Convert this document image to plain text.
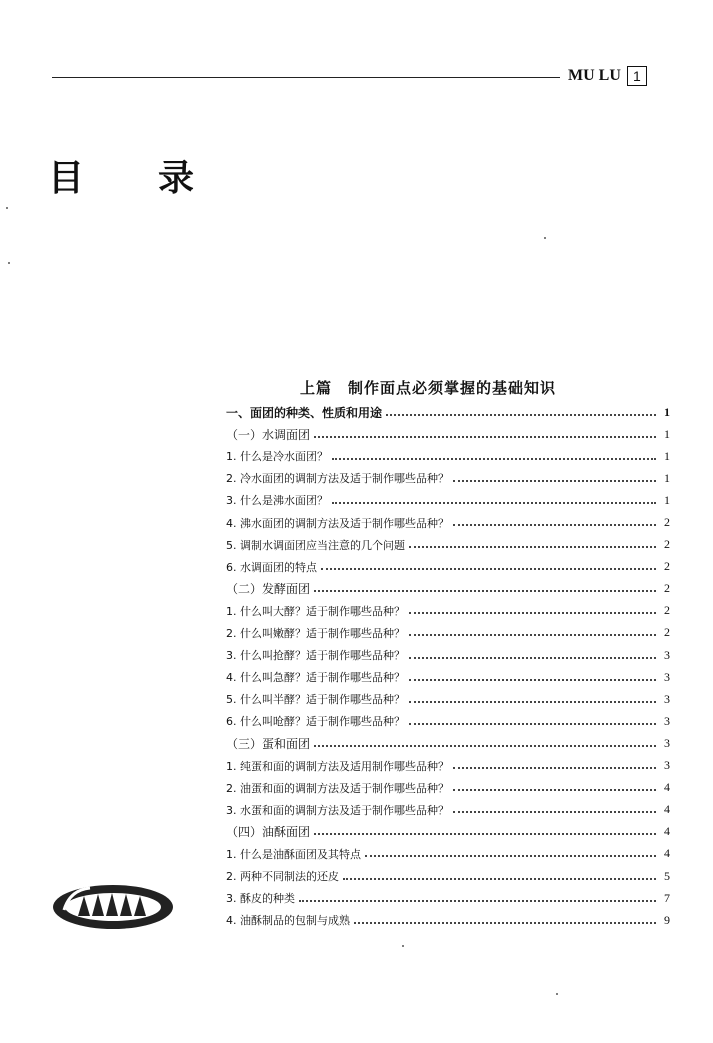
MU LU 1
目 录
上篇　制作面点必须掌握的基础知识
一、面团的种类、性质和用途	1
（一）水调面团	1
1. 什么是冷水面团？	1
2. 冷水面团的调制方法及适于制作哪些品种？	1
3. 什么是沸水面团？	1
4. 沸水面团的调制方法及适于制作哪些品种？	2
5. 调制水调面团应当注意的几个问题	2
6. 水调面团的特点	2
（二）发酵面团	2
1. 什么叫大酵？适于制作哪些品种？	2
2. 什么叫嫩酵？适于制作哪些品种？	2
3. 什么叫抢酵？适于制作哪些品种？	3
4. 什么叫急酵？适于制作哪些品种？	3
5. 什么叫半酵？适于制作哪些品种？	3
6. 什么叫呛酵？适于制作哪些品种？	3
（三）蛋和面团	3
1. 纯蛋和面的调制方法及适用制作哪些品种？	3
2. 油蛋和面的调制方法及适于制作哪些品种？	4
3. 水蛋和面的调制方法及适于制作哪些品种？	4
（四）油酥面团	4
1. 什么是油酥面团及其特点	4
2. 两种不同制法的还皮	5
3. 酥皮的种类	7
4. 油酥制品的包制与成熟	9
